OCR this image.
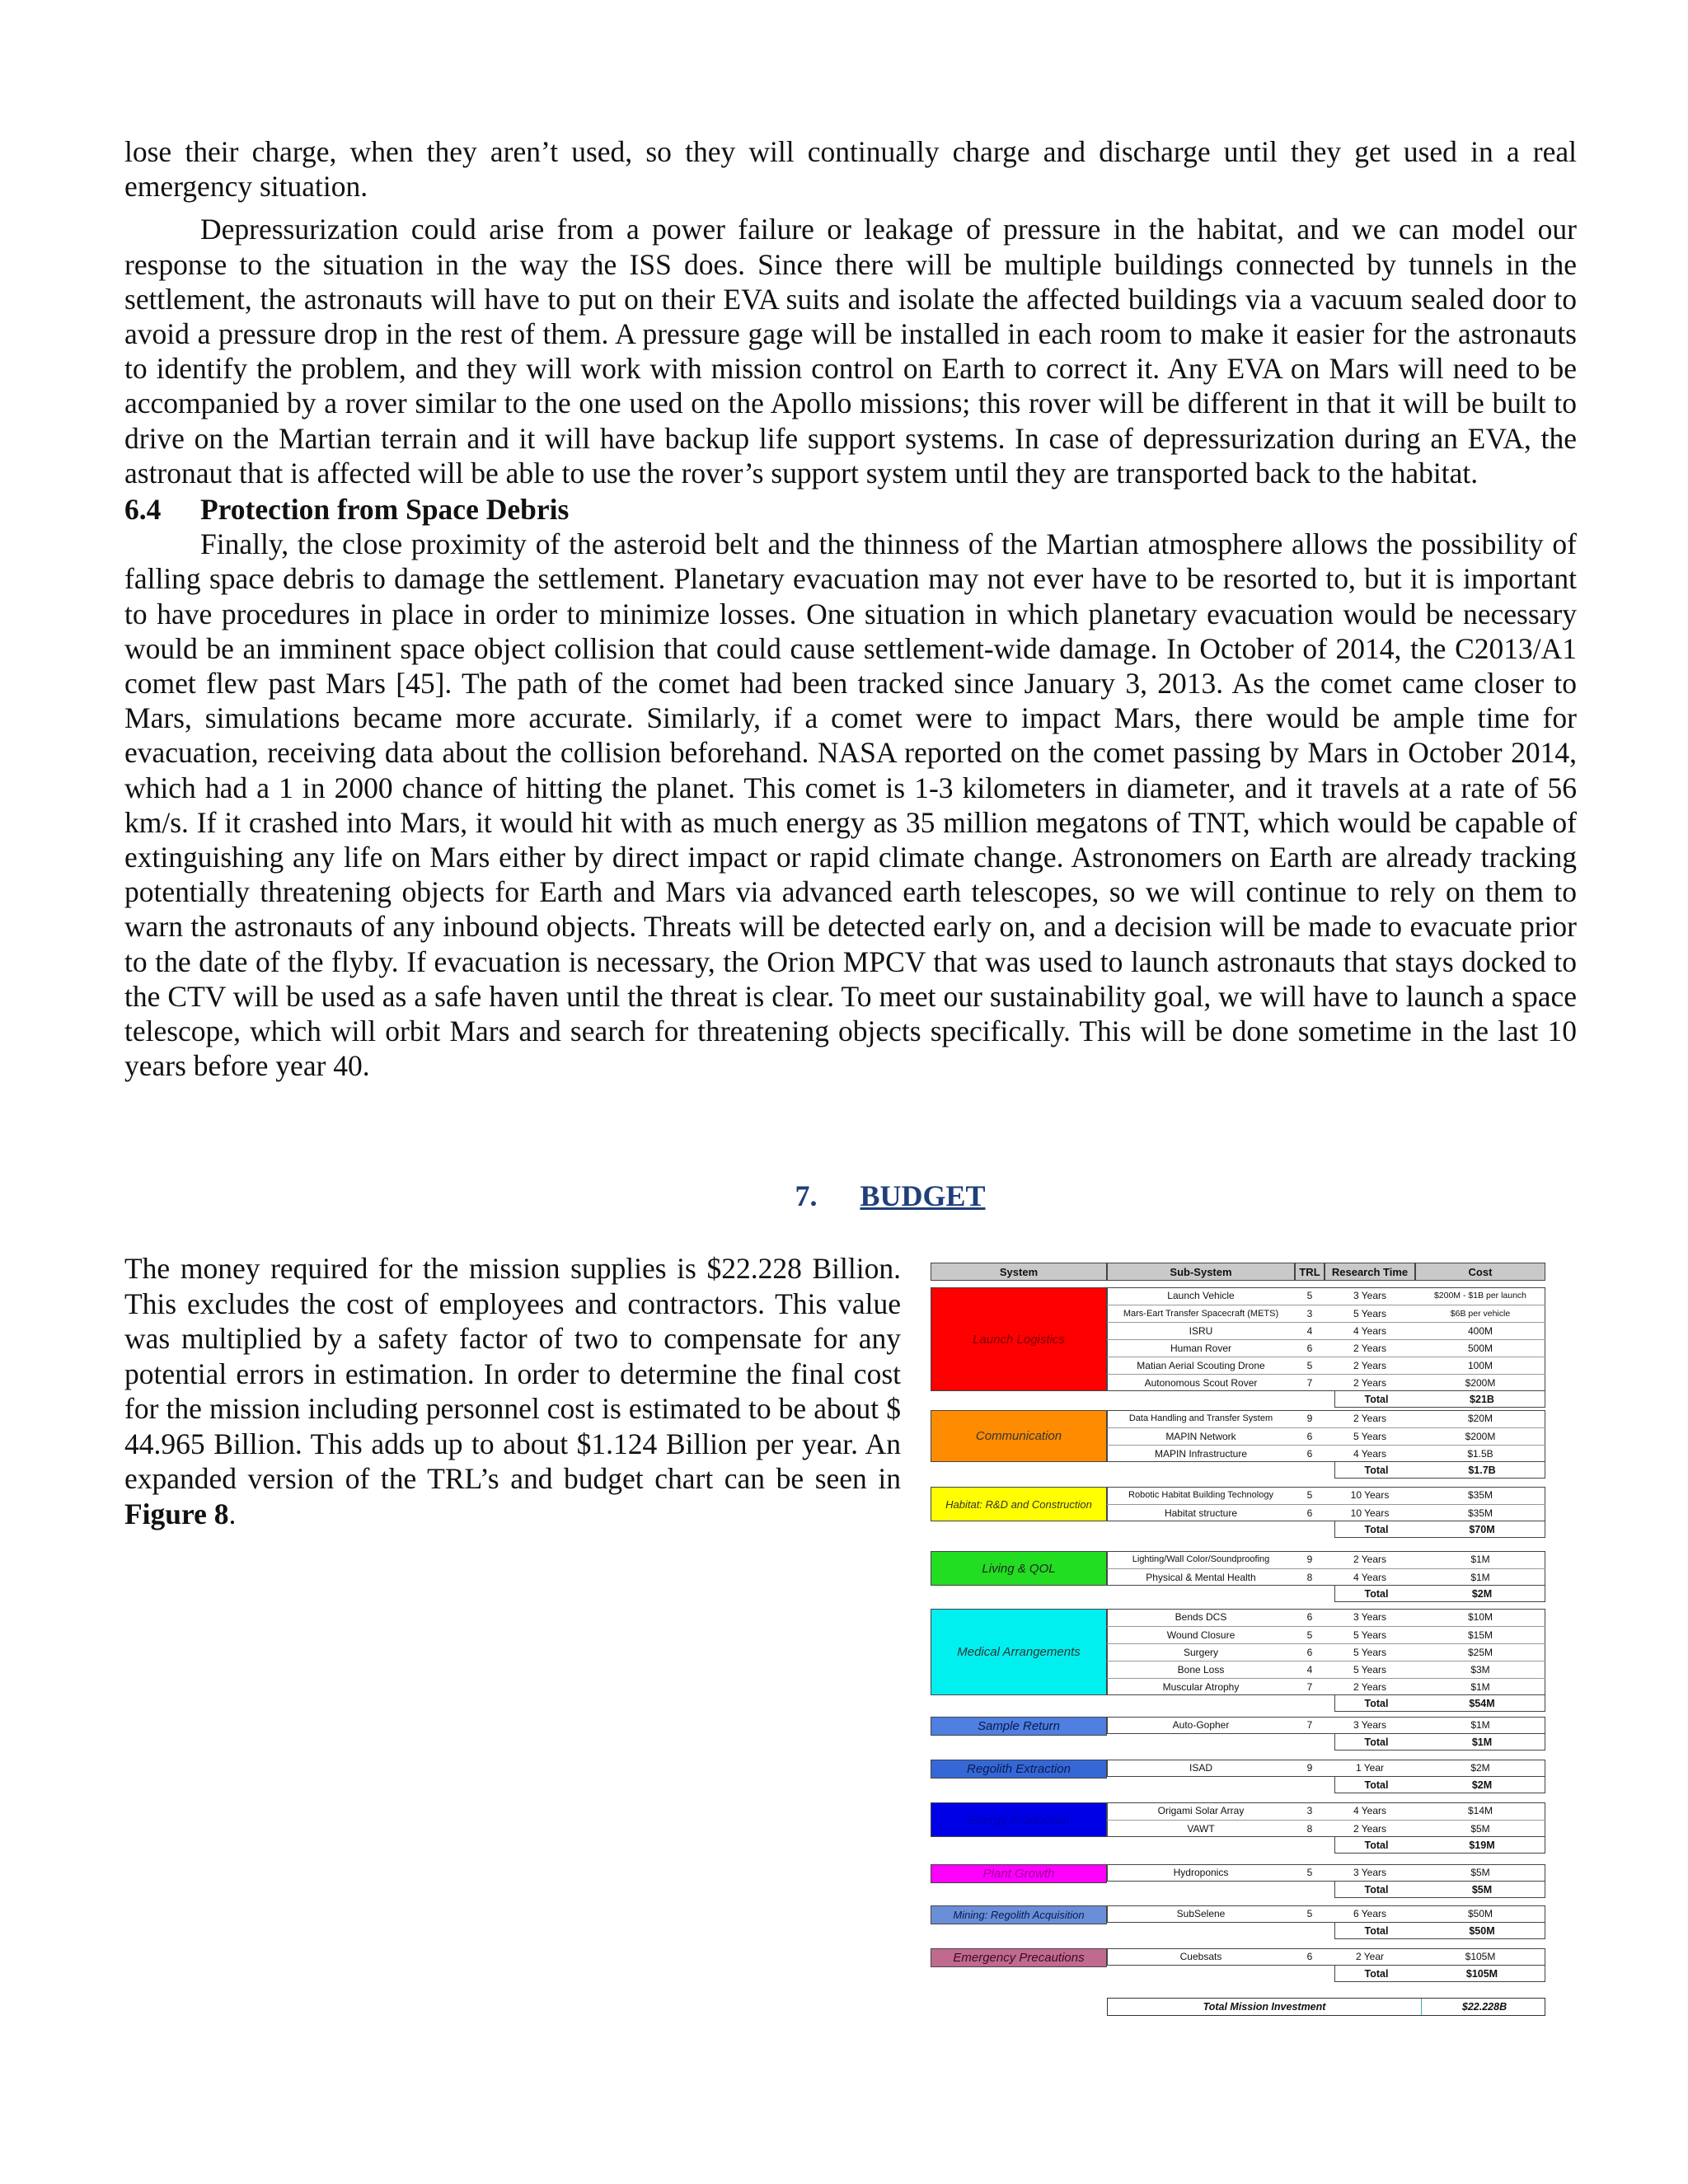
lose their charge, when they aren’t used, so they will continually charge and discharge until they get used in a real emergency situation.

Depressurization could arise from a power failure or leakage of pressure in the habitat, and we can model our response to the situation in the way the ISS does. Since there will be multiple buildings connected by tunnels in the settlement, the astronauts will have to put on their EVA suits and isolate the affected buildings via a vacuum sealed door to avoid a pressure drop in the rest of them. A pressure gage will be installed in each room to make it easier for the astronauts to identify the problem, and they will work with mission control on Earth to correct it. Any EVA on Mars will need to be accompanied by a rover similar to the one used on the Apollo missions; this rover will be different in that it will be built to drive on the Martian terrain and it will have backup life support systems. In case of depressurization during an EVA, the astronaut that is affected will be able to use the rover’s support system until they are transported back to the habitat.

6.4 Protection from Space Debris

Finally, the close proximity of the asteroid belt and the thinness of the Martian atmosphere allows the possibility of falling space debris to damage the settlement. Planetary evacuation may not ever have to be resorted to, but it is important to have procedures in place in order to minimize losses. One situation in which planetary evacuation would be necessary would be an imminent space object collision that could cause settlement-wide damage. In October of 2014, the C2013/A1 comet flew past Mars [45]. The path of the comet had been tracked since January 3, 2013. As the comet came closer to Mars, simulations became more accurate. Similarly, if a comet were to impact Mars, there would be ample time for evacuation, receiving data about the collision beforehand. NASA reported on the comet passing by Mars in October 2014, which had a 1 in 2000 chance of hitting the planet. This comet is 1-3 kilometers in diameter, and it travels at a rate of 56 km/s. If it crashed into Mars, it would hit with as much energy as 35 million megatons of TNT, which would be capable of extinguishing any life on Mars either by direct impact or rapid climate change. Astronomers on Earth are already tracking potentially threatening objects for Earth and Mars via advanced earth telescopes, so we will continue to rely on them to warn the astronauts of any inbound objects. Threats will be detected early on, and a decision will be made to evacuate prior to the date of the flyby. If evacuation is necessary, the Orion MPCV that was used to launch astronauts that stays docked to the CTV will be used as a safe haven until the threat is clear. To meet our sustainability goal, we will have to launch a space telescope, which will orbit Mars and search for threatening objects specifically. This will be done sometime in the last 10 years before year 40.

7. BUDGET
The money required for the mission supplies is $22.228 Billion. This excludes the cost of employees and contractors. This value was multiplied by a safety factor of two to compensate for any potential errors in estimation. In order to determine the final cost for the mission including personnel cost is estimated to be about $ 44.965 Billion. This adds up to about $1.124 Billion per year. An expanded version of the TRL’s and budget chart can be seen in Figure 8.
System	Sub-System	TRL	Research Time	Cost
Launch Logistics
Launch Vehicle	5	3 Years	$200M - $1B per launch
Mars-Eart Transfer Spacecraft (METS)	3	5 Years	$6B per vehicle
ISRU	4	4 Years	400M
Human Rover	6	2 Years	500M
Matian Aerial Scouting Drone	5	2 Years	100M
Autonomous Scout Rover	7	2 Years	$200M
Total	$21B
Communication
Data Handling and Transfer System	9	2 Years	$20M
MAPIN Network	6	5 Years	$200M
MAPIN Infrastructure	6	4 Years	$1.5B
Total	$1.7B
Habitat: R&D and Construction
Robotic Habitat Building Technology	5	10 Years	$35M
Habitat structure	6	10 Years	$35M
Total	$70M
Living & QOL
Lighting/Wall Color/Soundproofing	9	2 Years	$1M
Physical & Mental Health	8	4 Years	$1M
Total	$2M
Medical Arrangements
Bends DCS	6	3 Years	$10M
Wound Closure	5	5 Years	$15M
Surgery	6	5 Years	$25M
Bone Loss	4	5 Years	$3M
Muscular Atrophy	7	2 Years	$1M
Total	$54M
Sample Return	Auto-Gopher	7	3 Years	$1M
Total	$1M
Regolith Extraction	ISAD	9	1 Year	$2M
Total	$2M
Energy Production
Origami Solar Array	3	4 Years	$14M
VAWT	8	2 Years	$5M
Total	$19M
Plant Growth	Hydroponics	5	3 Years	$5M
Total	$5M
Mining: Regolith Acquisition	SubSelene	5	6 Years	$50M
Total	$50M
Emergency Precautions	Cuebsats	6	2 Year	$105M
Total	$105M
Total Mission Investment	$22.228B
